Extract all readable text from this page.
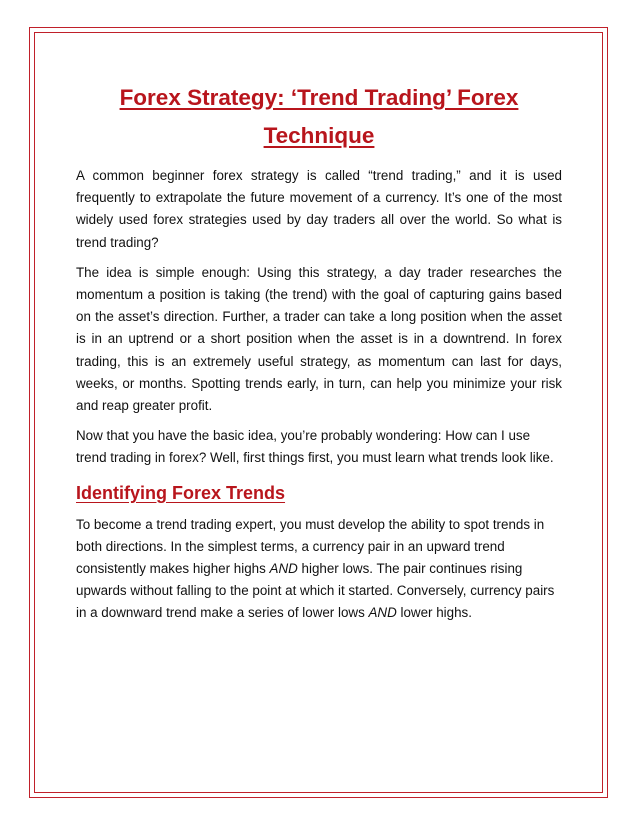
Forex Strategy: ‘Trend Trading’ Forex
Technique

A common beginner forex strategy is called “trend trading,” and it is used frequently to extrapolate the future movement of a currency. It’s one of the most widely used forex strategies used by day traders all over the world. So what is trend trading?

The idea is simple enough: Using this strategy, a day trader researches the momentum a position is taking (the trend) with the goal of capturing gains based on the asset’s direction. Further, a trader can take a long position when the asset is in an uptrend or a short position when the asset is in a downtrend. In forex trading, this is an extremely useful strategy, as momentum can last for days, weeks, or months. Spotting trends early, in turn, can help you minimize your risk and reap greater profit.

Now that you have the basic idea, you’re probably wondering: How can I use trend trading in forex? Well, first things first, you must learn what trends look like.

Identifying Forex Trends

To become a trend trading expert, you must develop the ability to spot trends in both directions. In the simplest terms, a currency pair in an upward trend consistently makes higher highs AND higher lows. The pair continues rising upwards without falling to the point at which it started. Conversely, currency pairs in a downward trend make a series of lower lows AND lower highs.
